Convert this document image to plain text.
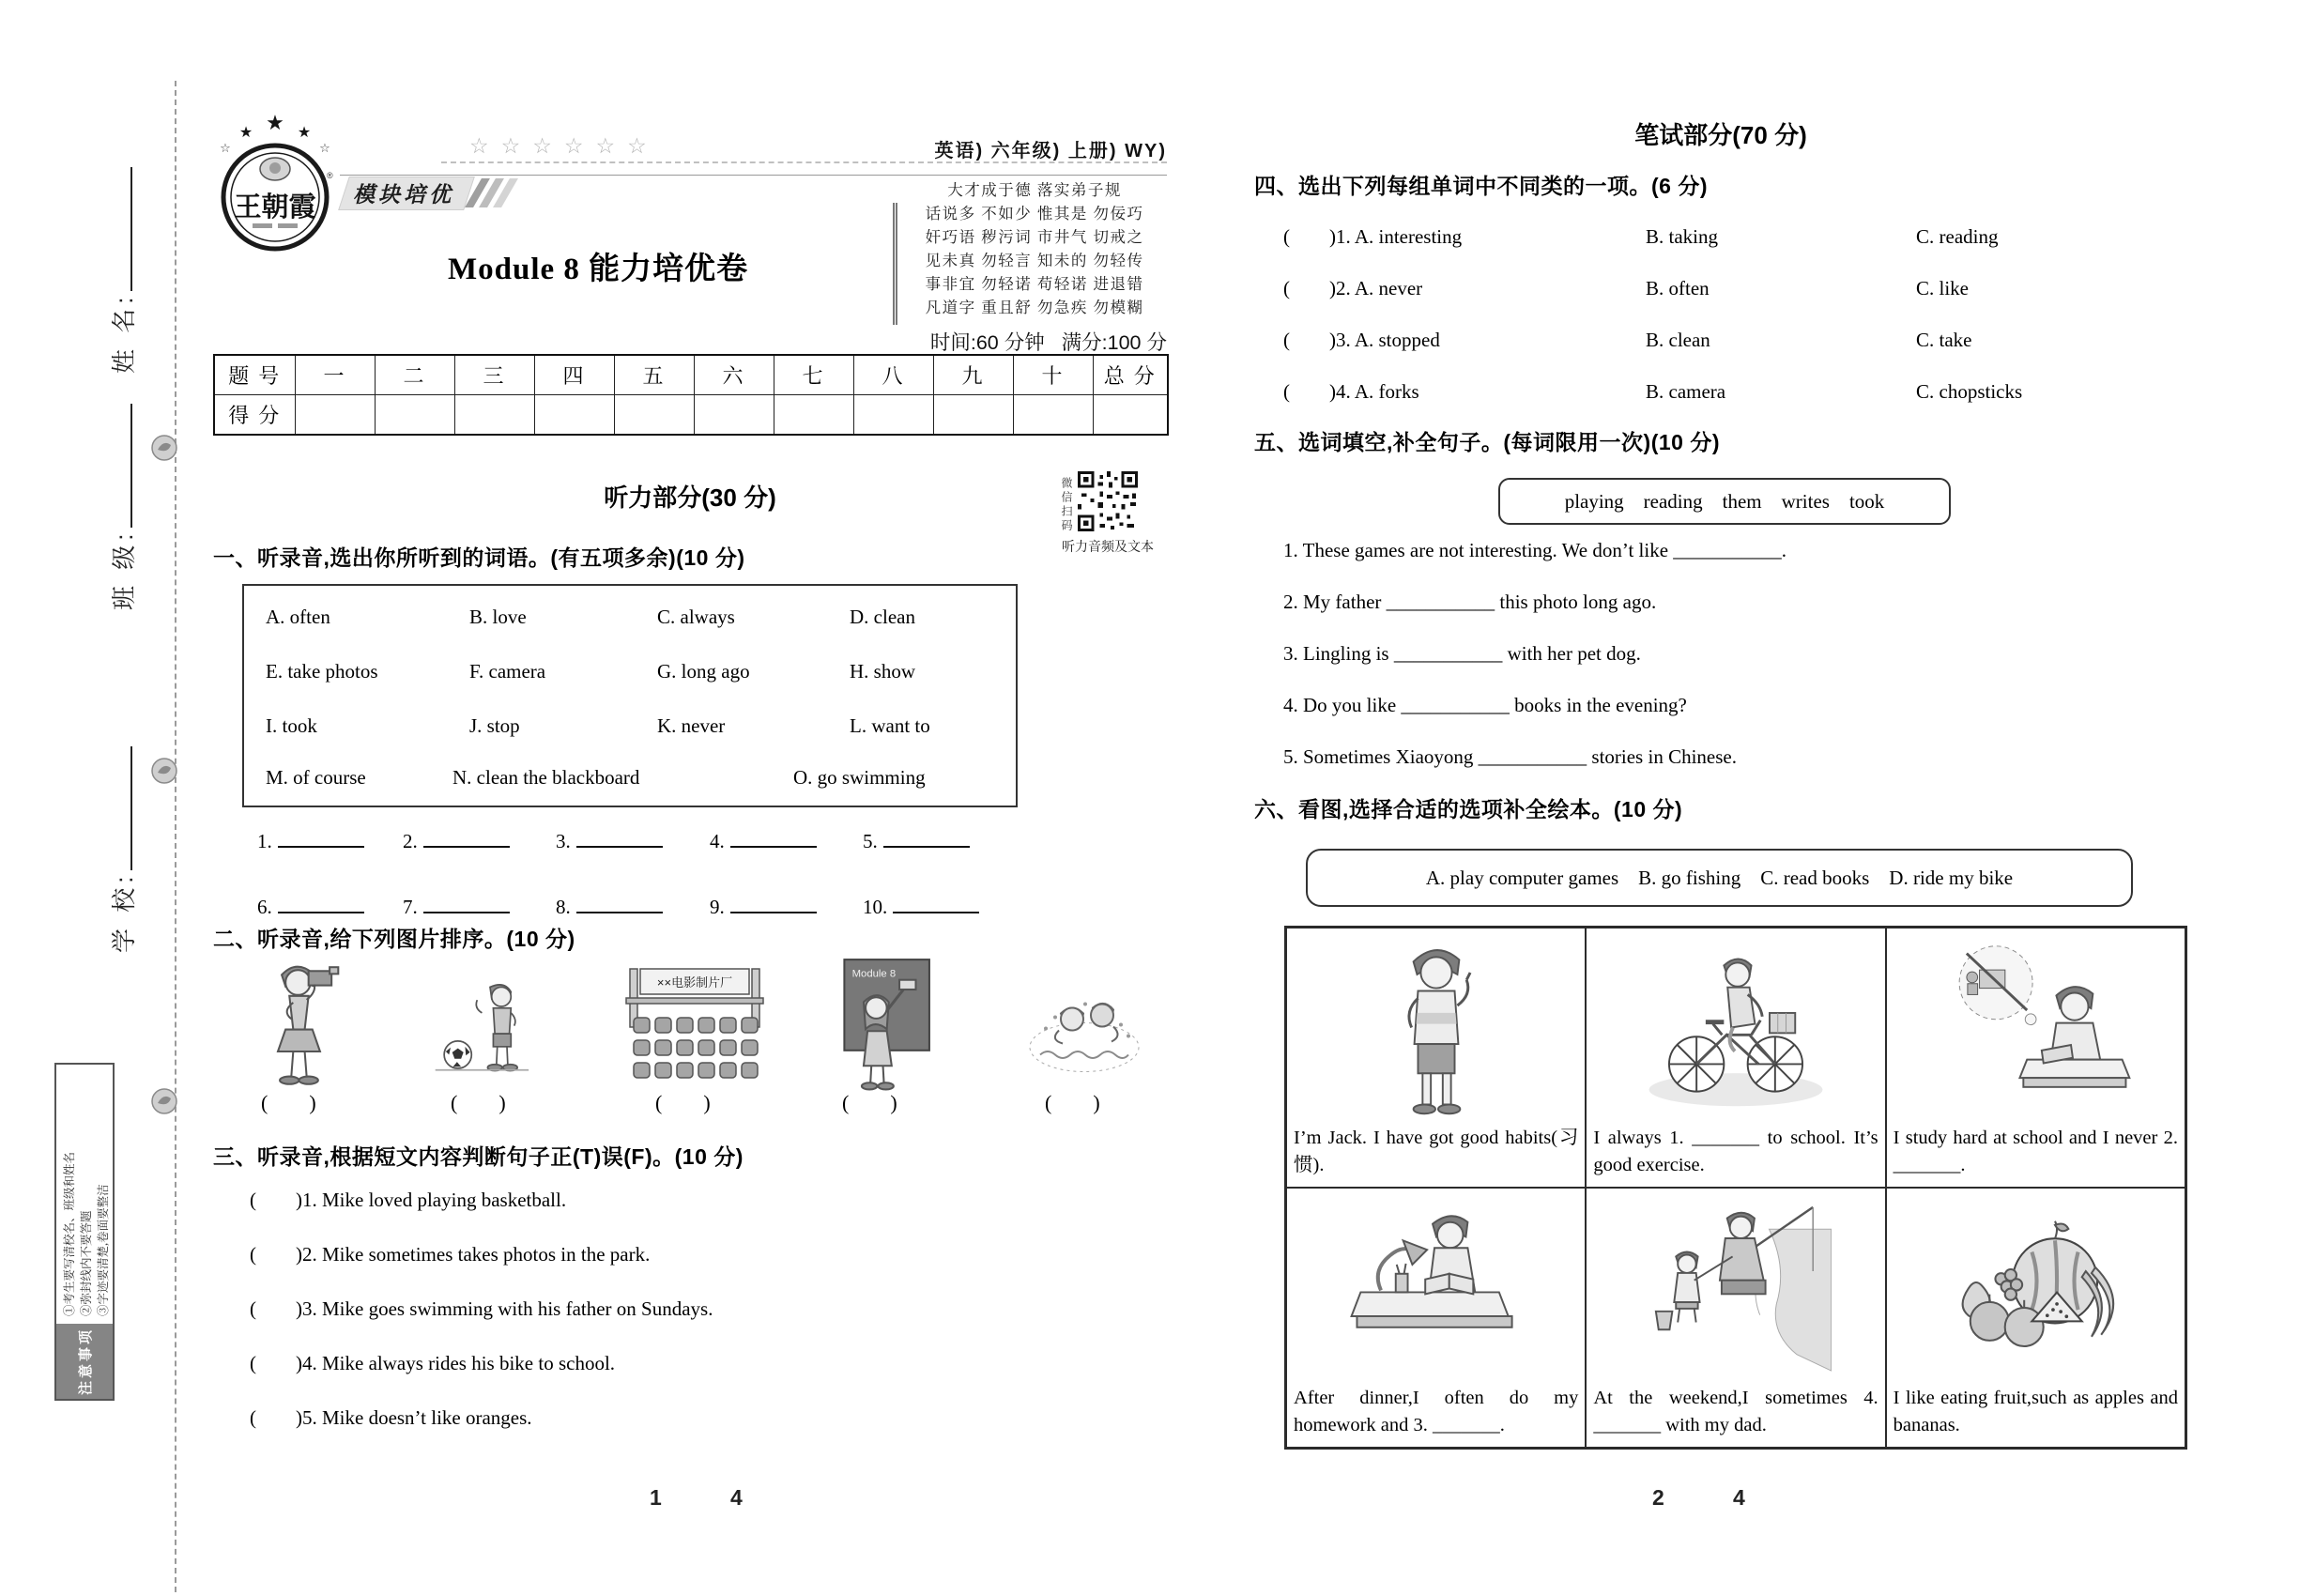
姓 名:
班 级:
学 校:
注意事项
①考生要写清校名、班级和姓名 ②弥封线内不要答题 ③字迹要清楚,卷面要整洁
☆☆☆☆☆☆
★
★	★
☆	☆
王朝霞
®
模块培优
英语) 六年级) 上册) WY)
大才成于德 落实弟子规
话说多 不如少 惟其是 勿佞巧
奸巧语 秽污词 市井气 切戒之
见未真 勿轻言 知未的 勿轻传
事非宜 勿轻诺 苟轻诺 进退错
凡道字 重且舒 勿急疾 勿模糊
Module 8 能力培优卷
时间:60 分钟 满分:100 分
题 号	一	二	三	四	五	六	七	八	九	十	总 分
得 分											
听力部分(30 分)	微信扫码
听力音频及文本
一、听录音,选出你所听到的词语。(有五项多余)(10 分)
A. often	B. love	C. always	D. clean
E. take photos	F. camera	G. long ago	H. show
I. took	J. stop	K. never	L. want to
M. of course	N. clean the blackboard	O. go swimming
1.	2.	3.	4.	5.
6.	7.	8.	9.	10.
二、听录音,给下列图片排序。(10 分)
××电影制片厂
Module 8
(        )	(        )	(        )	(        )	(        )
三、听录音,根据短文内容判断句子正(T)误(F)。(10 分)
(        )1. Mike loved playing basketball.
(        )2. Mike sometimes takes photos in the park.
(        )3. Mike goes swimming with his father on Sundays.
(        )4. Mike always rides his bike to school.
(        )5. Mike doesn’t like oranges.
1	4
笔试部分(70 分)
四、选出下列每组单词中不同类的一项。(6 分)
(        )1. A. interesting	B. taking	C. reading
(        )2. A. never	B. often	C. like
(        )3. A. stopped	B. clean	C. take
(        )4. A. forks	B. camera	C. chopsticks
五、选词填空,补全句子。(每词限用一次)(10 分)
playing    reading    them    writes    took
1. These games are not interesting. We don’t like ___________.
2. My father ___________ this photo long ago.
3. Lingling is ___________ with her pet dog.
4. Do you like ___________ books in the evening?
5. Sometimes Xiaoyong ___________ stories in Chinese.
六、看图,选择合适的选项补全绘本。(10 分)
A. play computer games    B. go fishing    C. read books    D. ride my bike
I’m Jack. I have got good habits(习惯).
I always 1. _______ to school. It’s good exercise.
I study hard at school and I never 2. _______.
After dinner,I often do my homework and 3. _______.
At the weekend,I sometimes 4. _______ with my dad.
I like eating fruit,such as apples and bananas.
2	4
